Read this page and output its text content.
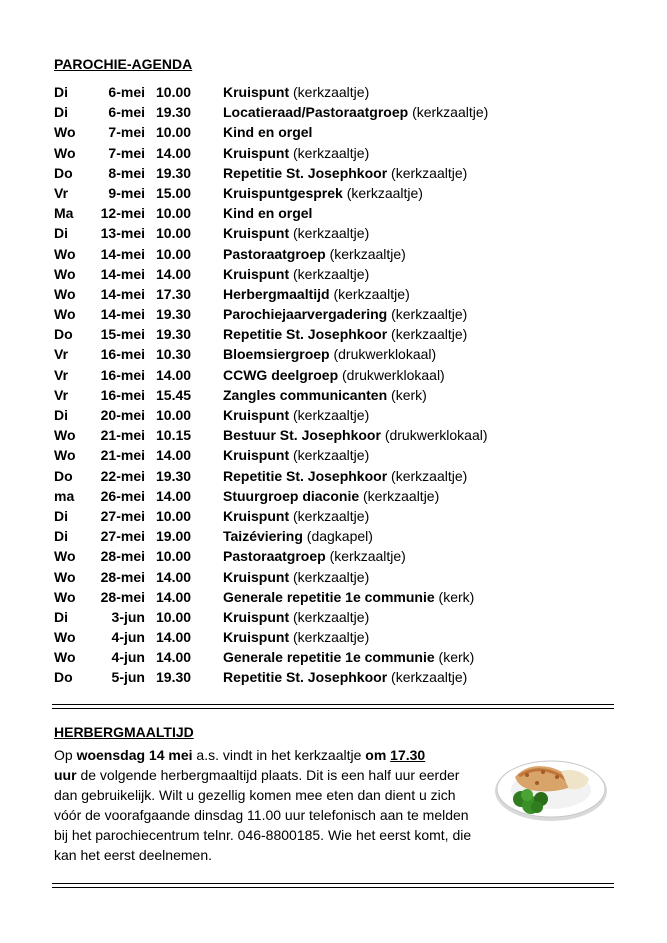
PAROCHIE-AGENDA
Di	6-mei 10.00 Kruispunt (kerkzaaltje)
Di	6-mei 19.30 Locatieraad/Pastoraatgroep (kerkzaaltje)
Wo	7-mei 10.00 Kind en orgel
Wo	7-mei 14.00 Kruispunt (kerkzaaltje)
Do	8-mei 19.30 Repetitie St. Josephkoor (kerkzaaltje)
Vr	9-mei 15.00 Kruispuntgesprek (kerkzaaltje)
Ma	12-mei 10.00 Kind en orgel
Di	13-mei 10.00 Kruispunt (kerkzaaltje)
Wo	14-mei 10.00 Pastoraatgroep (kerkzaaltje)
Wo	14-mei 14.00 Kruispunt (kerkzaaltje)
Wo	14-mei 17.30 Herbergmaaltijd (kerkzaaltje)
Wo	14-mei 19.30 Parochiejaarvergadering (kerkzaaltje)
Do	15-mei 19.30 Repetitie St. Josephkoor (kerkzaaltje)
Vr	16-mei 10.30 Bloemsiergroep (drukwerklokaal)
Vr	16-mei 14.00 CCWG deelgroep (drukwerklokaal)
Vr	16-mei 15.45 Zangles communicanten (kerk)
Di	20-mei 10.00 Kruispunt (kerkzaaltje)
Wo	21-mei 10.15 Bestuur St. Josephkoor (drukwerklokaal)
Wo	21-mei 14.00 Kruispunt (kerkzaaltje)
Do	22-mei 19.30 Repetitie St. Josephkoor (kerkzaaltje)
ma	26-mei 14.00 Stuurgroep diaconie (kerkzaaltje)
Di	27-mei 10.00 Kruispunt (kerkzaaltje)
Di	27-mei 19.00 Taizéviering (dagkapel)
Wo	28-mei 10.00 Pastoraatgroep (kerkzaaltje)
Wo	28-mei 14.00 Kruispunt (kerkzaaltje)
Wo	28-mei 14.00 Generale repetitie 1e communie (kerk)
Di	3-jun 10.00 Kruispunt (kerkzaaltje)
Wo	4-jun 14.00 Kruispunt (kerkzaaltje)
Wo	4-jun 14.00 Generale repetitie 1e communie (kerk)
Do	5-jun 19.30 Repetitie St. Josephkoor (kerkzaaltje)
HERBERGMAALTIJD
Op woensdag 14 mei a.s. vindt in het kerkzaaltje om 17.30
uur de volgende herbergmaaltijd plaats. Dit is een half uur eerder dan gebruikelijk. Wilt u gezellig komen mee eten dan dient u zich vóór de voorafgaande dinsdag 11.00 uur telefonisch aan te melden bij het parochiecentrum telnr. 046-8800185. Wie het eerst komt, die kan het eerst deelnemen.
